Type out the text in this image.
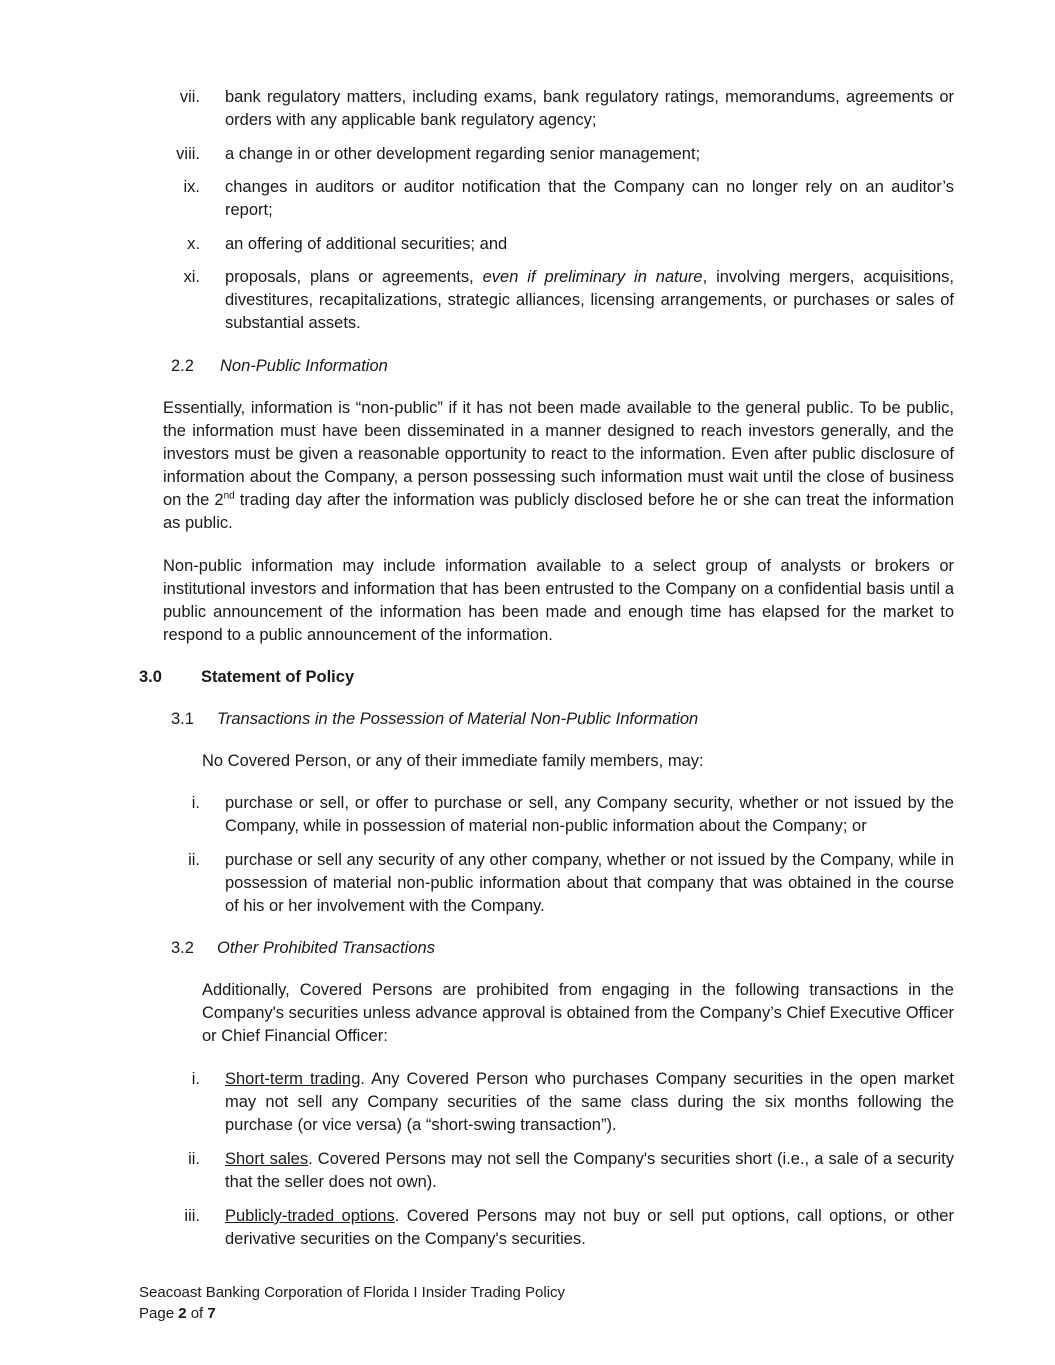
vii. bank regulatory matters, including exams, bank regulatory ratings, memorandums, agreements or orders with any applicable bank regulatory agency;
viii. a change in or other development regarding senior management;
ix. changes in auditors or auditor notification that the Company can no longer rely on an auditor’s report;
x. an offering of additional securities; and
xi. proposals, plans or agreements, even if preliminary in nature, involving mergers, acquisitions, divestitures, recapitalizations, strategic alliances, licensing arrangements, or purchases or sales of substantial assets.
2.2 Non-Public Information
Essentially, information is “non-public” if it has not been made available to the general public. To be public, the information must have been disseminated in a manner designed to reach investors generally, and the investors must be given a reasonable opportunity to react to the information. Even after public disclosure of information about the Company, a person possessing such information must wait until the close of business on the 2nd trading day after the information was publicly disclosed before he or she can treat the information as public.
Non-public information may include information available to a select group of analysts or brokers or institutional investors and information that has been entrusted to the Company on a confidential basis until a public announcement of the information has been made and enough time has elapsed for the market to respond to a public announcement of the information.
3.0 Statement of Policy
3.1 Transactions in the Possession of Material Non-Public Information
No Covered Person, or any of their immediate family members, may:
i. purchase or sell, or offer to purchase or sell, any Company security, whether or not issued by the Company, while in possession of material non-public information about the Company; or
ii. purchase or sell any security of any other company, whether or not issued by the Company, while in possession of material non-public information about that company that was obtained in the course of his or her involvement with the Company.
3.2 Other Prohibited Transactions
Additionally, Covered Persons are prohibited from engaging in the following transactions in the Company's securities unless advance approval is obtained from the Company’s Chief Executive Officer or Chief Financial Officer:
i. Short-term trading. Any Covered Person who purchases Company securities in the open market may not sell any Company securities of the same class during the six months following the purchase (or vice versa) (a “short-swing transaction”).
ii. Short sales. Covered Persons may not sell the Company's securities short (i.e., a sale of a security that the seller does not own).
iii. Publicly-traded options. Covered Persons may not buy or sell put options, call options, or other derivative securities on the Company's securities.
Seacoast Banking Corporation of Florida I Insider Trading Policy
Page 2 of 7
